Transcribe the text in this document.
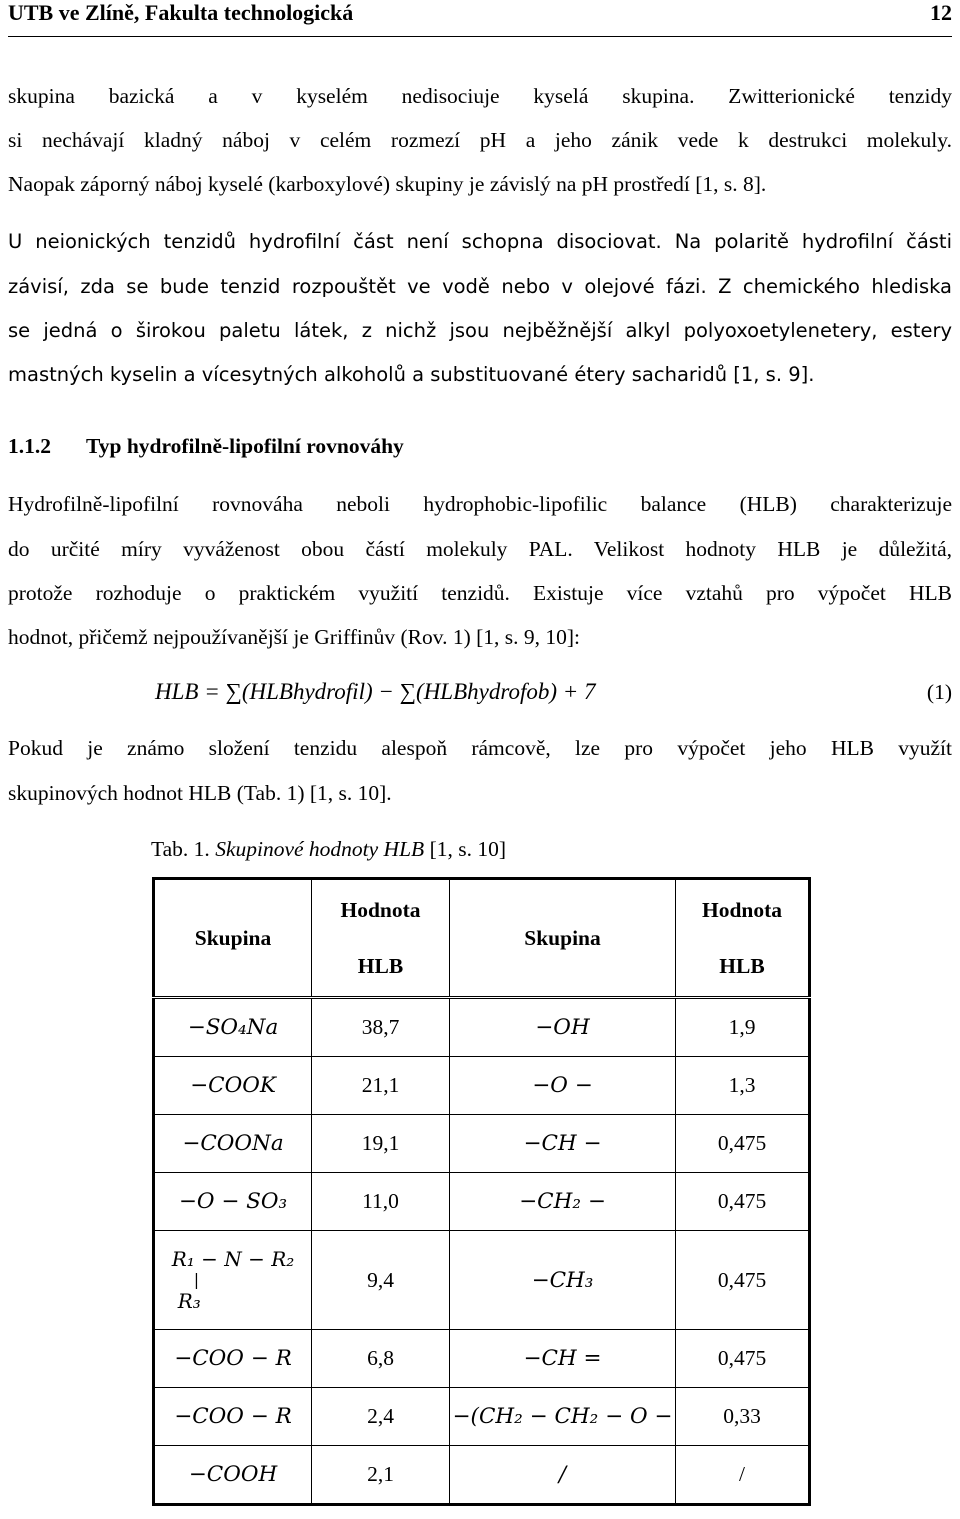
UTB ve Zlíně, Fakulta technologická	12
skupina bazická a v kyselém nedisociuje kyselá skupina. Zwitterionické tenzidy
si nechávají kladný náboj v celém rozmezí pH a jeho zánik vede k destrukci molekuly.
Naopak záporný náboj kyselé (karboxylové) skupiny je závislý na pH prostředí [1, s. 8].
U neionických tenzidů hydrofilní část není schopna disociovat. Na polaritě hydrofilní části
závisí, zda se bude tenzid rozpouštět ve vodě nebo v olejové fázi. Z chemického hlediska
se jedná o širokou paletu látek, z nichž jsou nejběžnější alkyl polyoxoetylenetery, estery
mastných kyselin a vícesytných alkoholů a substituované étery sacharidů [1, s. 9].
1.1.2 Typ hydrofilně-lipofilní rovnováhy
Hydrofilně-lipofilní rovnováha neboli hydrophobic-lipofilic balance (HLB) charakterizuje
do určité míry vyváženost obou částí molekuly PAL. Velikost hodnoty HLB je důležitá,
protože rozhoduje o praktickém využití tenzidů. Existuje více vztahů pro výpočet HLB
hodnot, přičemž nejpoužívanější je Griffinův (Rov. 1) [1, s. 9, 10]:
HLB = ∑(HLBhydrofil) − ∑(HLBhydrofob) + 7	(1)
Pokud je známo složení tenzidu alespoň rámcově, lze pro výpočet jeho HLB využít
skupinových hodnot HLB (Tab. 1) [1, s. 10].
Tab. 1. Skupinové hodnoty HLB [1, s. 10]
Skupina	Hodnota HLB	Skupina	Hodnota HLB
−SO₄Na	38,7	−OH	1,9
−COOK	21,1	−O −	1,3
−COONa	19,1	−CH −	0,475
−O − SO₃	11,0	−CH₂ −	0,475
R₁ − N − R₂
|
R₃	9,4	−CH₃	0,475
−COO − R	6,8	−CH =	0,475
−COO − R	2,4	−(CH₂ − CH₂ − O −	0,33
−COOH	2,1	/	/
